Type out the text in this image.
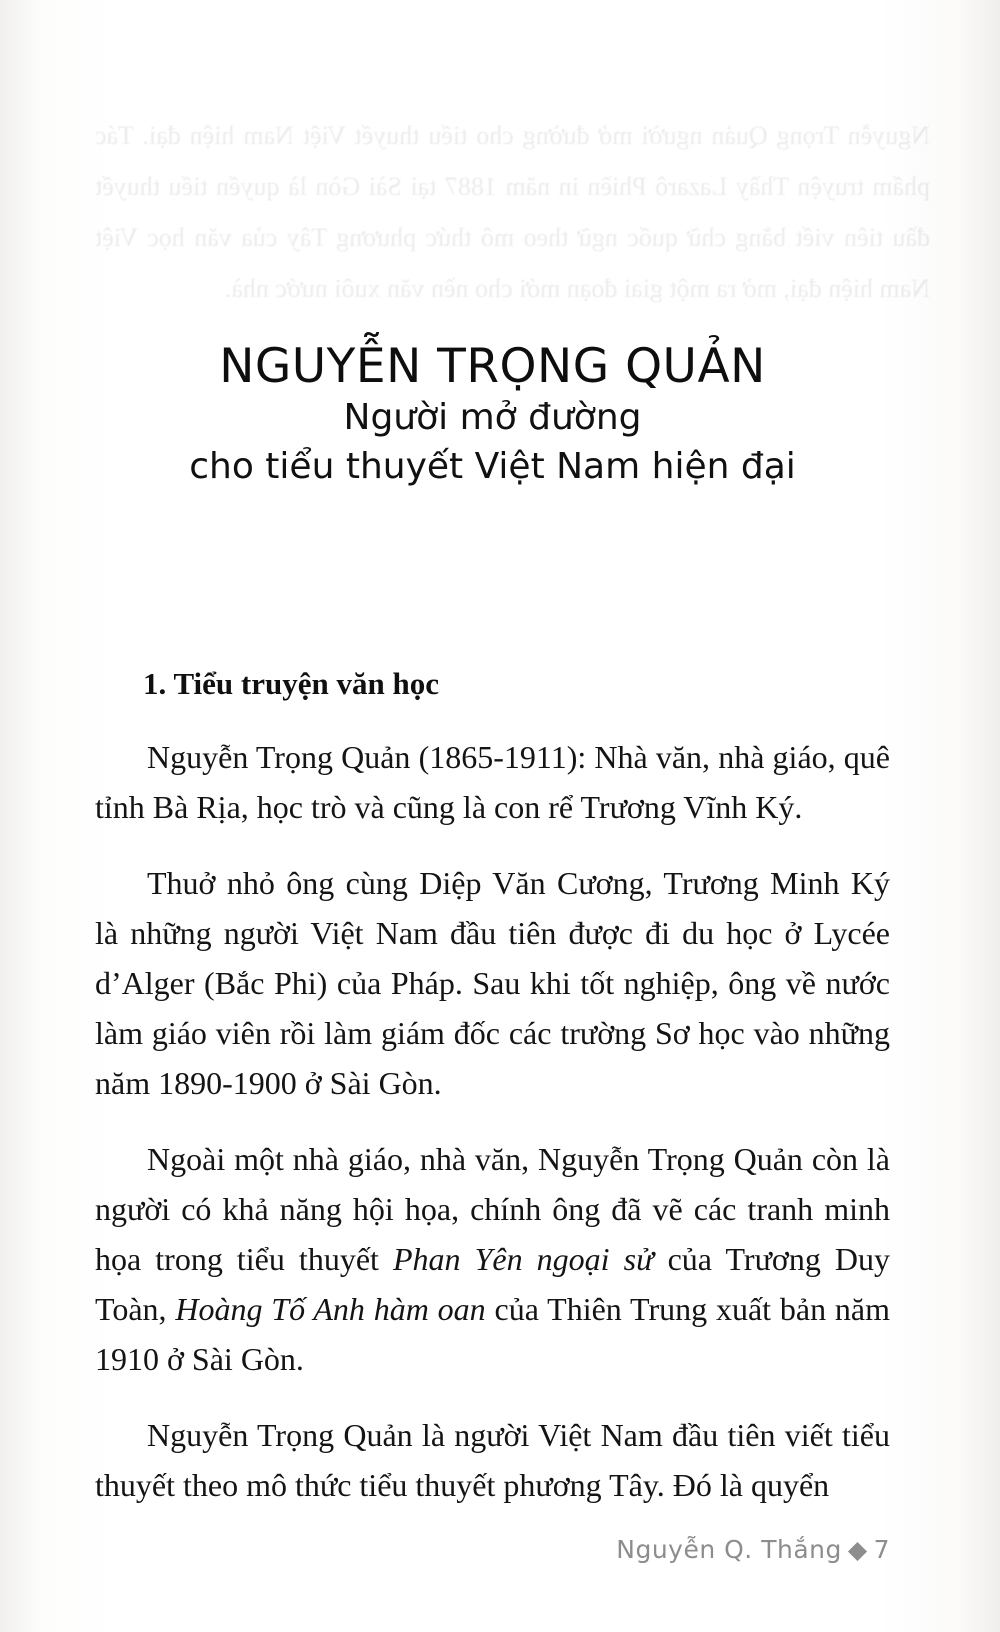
Nguyễn Trọng Quản người mở đường cho tiểu thuyết Việt Nam hiện đại. Tác phẩm truyện Thầy Lazarô Phiền in năm 1887 tại Sài Gòn là quyển tiểu thuyết đầu tiên viết bằng chữ quốc ngữ theo mô thức phương Tây của văn học Việt Nam hiện đại, mở ra một giai đoạn mới cho nền văn xuôi nước nhà.
NGUYỄN TRỌNG QUẢN
Người mở đường
cho tiểu thuyết Việt Nam hiện đại
1. Tiểu truyện văn học

Nguyễn Trọng Quản (1865-1911): Nhà văn, nhà giáo, quê tỉnh Bà Rịa, học trò và cũng là con rể Trương Vĩnh Ký.

Thuở nhỏ ông cùng Diệp Văn Cương, Trương Minh Ký là những người Việt Nam đầu tiên được đi du học ở Lycée d’Alger (Bắc Phi) của Pháp. Sau khi tốt nghiệp, ông về nước làm giáo viên rồi làm giám đốc các trường Sơ học vào những năm 1890-1900 ở Sài Gòn.

Ngoài một nhà giáo, nhà văn, Nguyễn Trọng Quản còn là người có khả năng hội họa, chính ông đã vẽ các tranh minh họa trong tiểu thuyết Phan Yên ngoại sử của Trương Duy Toàn, Hoàng Tố Anh hàm oan của Thiên Trung xuất bản năm 1910 ở Sài Gòn.

Nguyễn Trọng Quản là người Việt Nam đầu tiên viết tiểu thuyết theo mô thức tiểu thuyết phương Tây. Đó là quyển

Nguyễn Q. Thắng ◆ 7
